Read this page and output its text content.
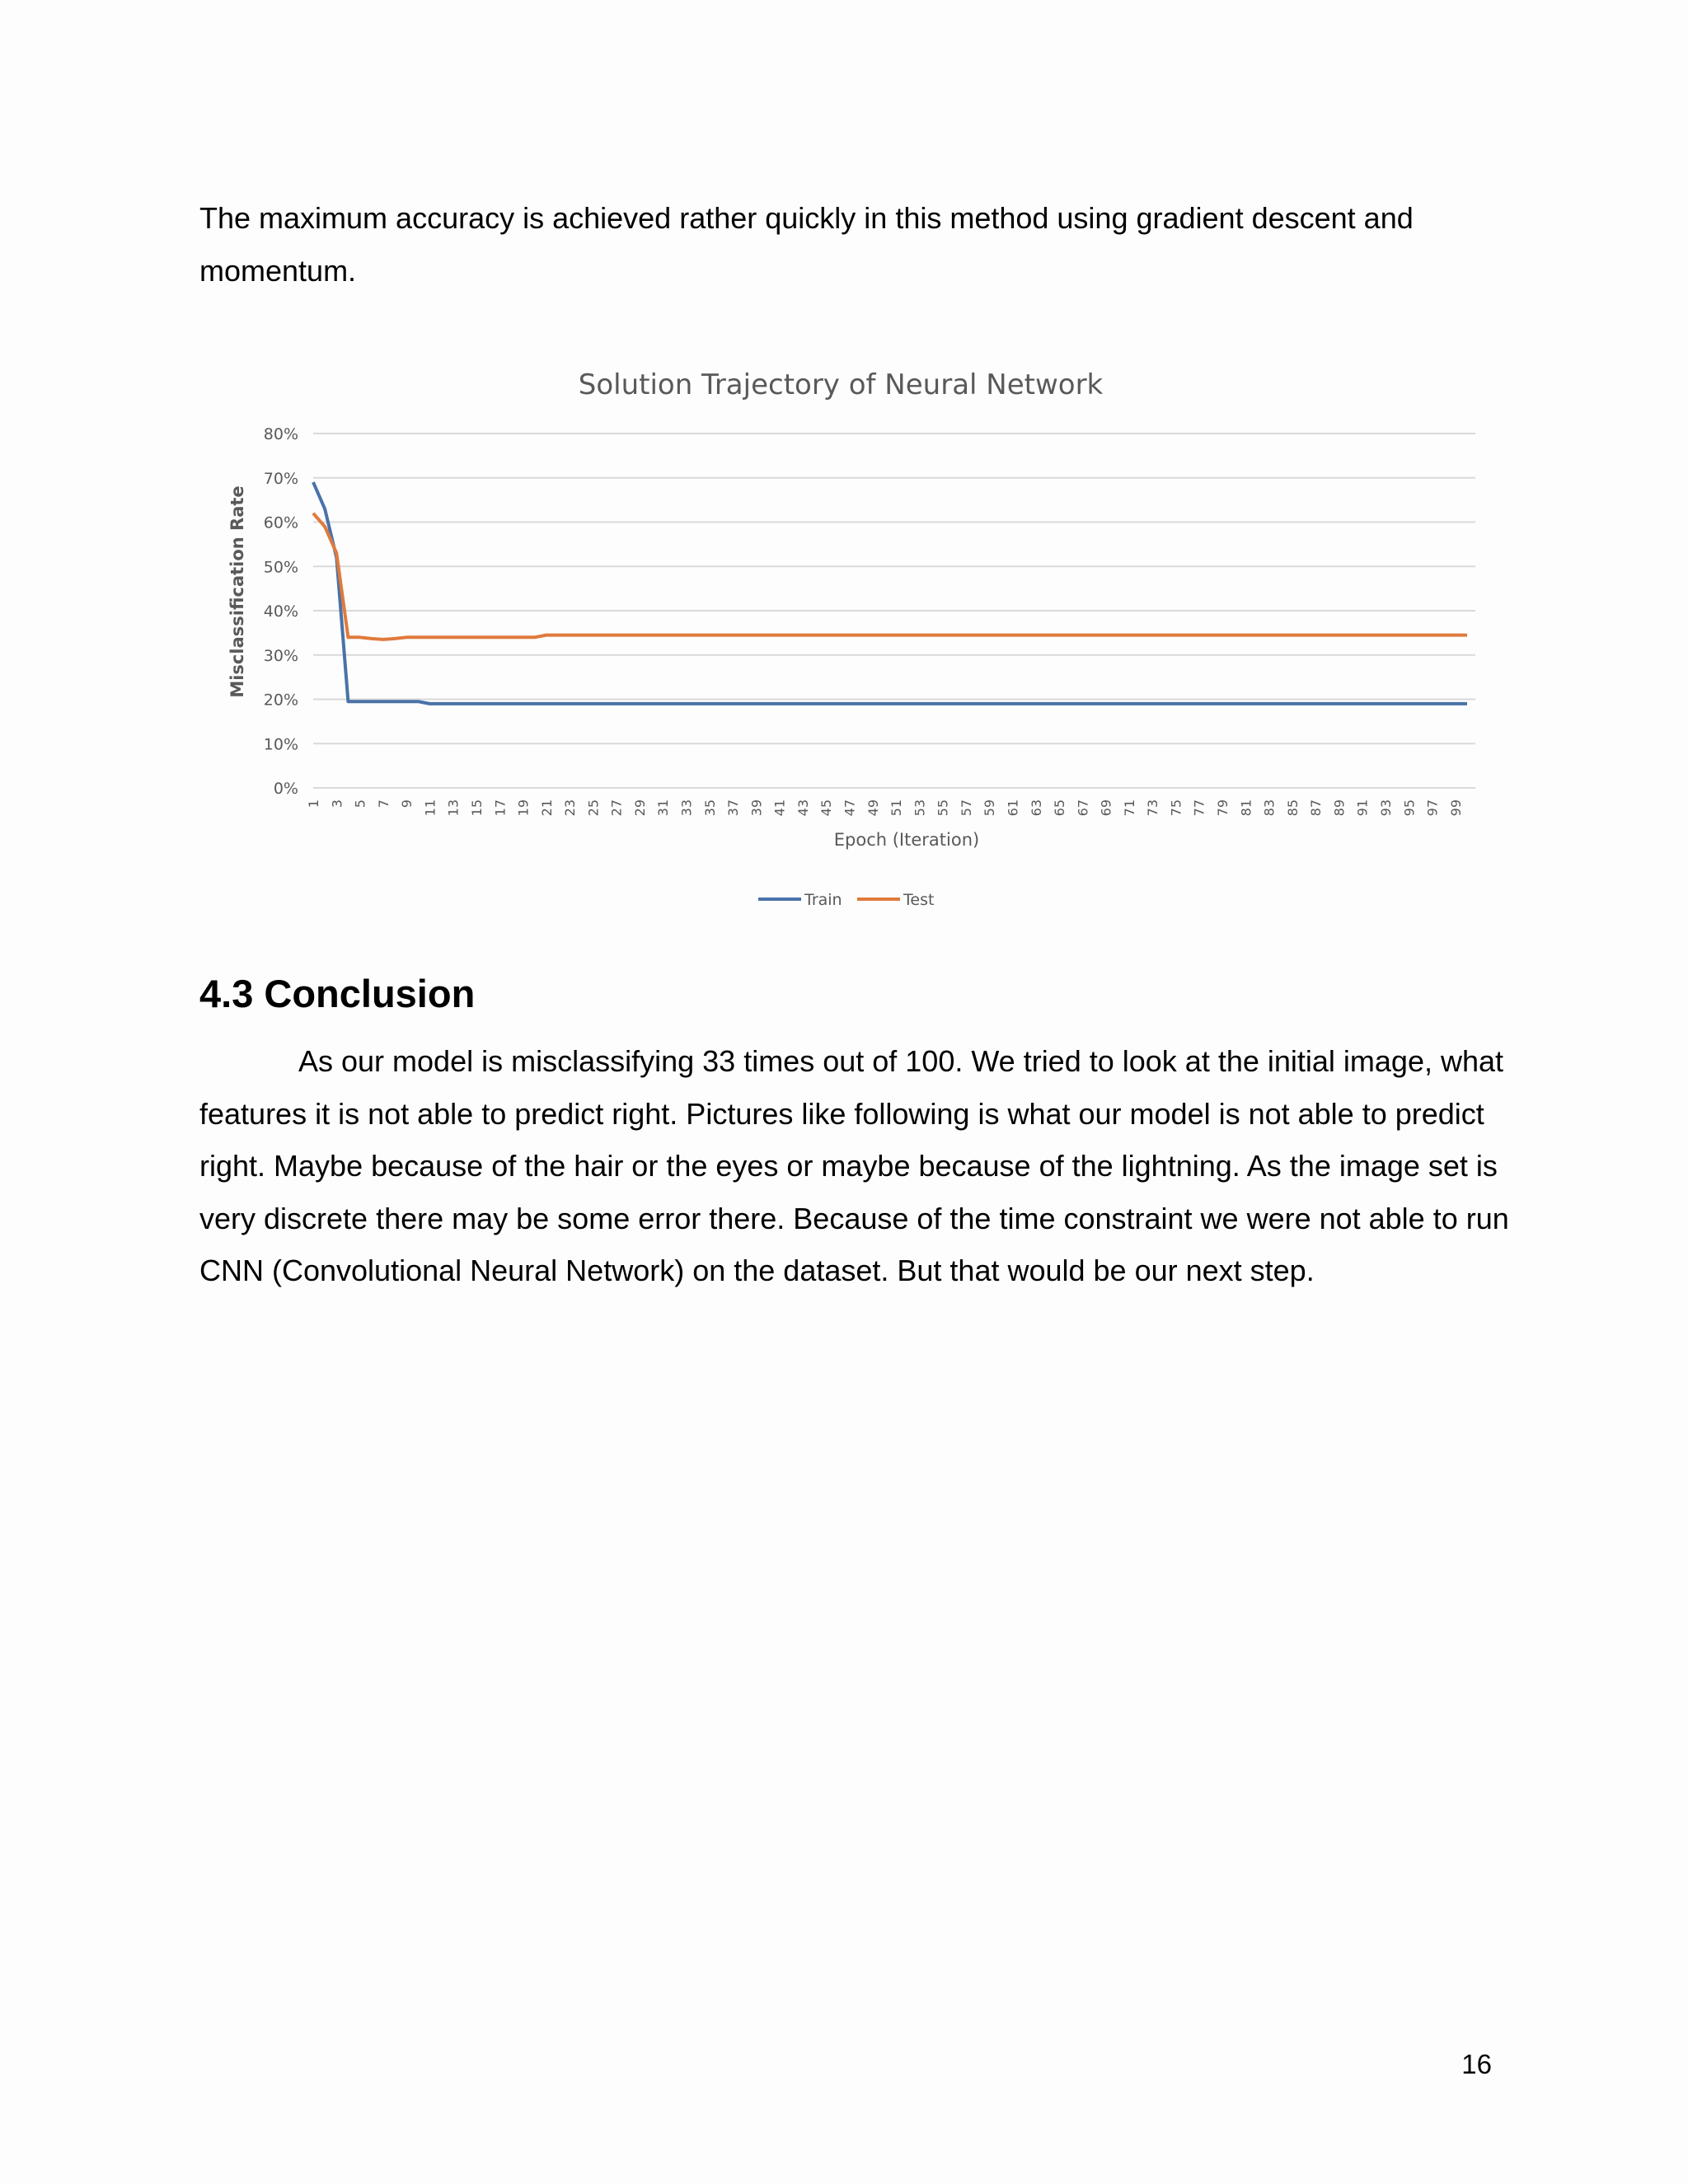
The maximum accuracy is achieved rather quickly in this method using gradient descent and momentum.

0%
10%
20%
30%
40%
50%
60%
70%
80%
1 3 5 7 9 11 13 15 17 19 21 23 25 27 29 31 33 35 37 39 41 43 45 47 49 51 53 55 57 59 61 63 65 67 69 71 73 75 77 79 81 83 85 87 89 91 93 95 97 99
Solution Trajectory of Neural Network
Misclassification Rate
Epoch (Iteration)
Train	Test
4.3 Conclusion

As our model is misclassifying 33 times out of 100. We tried to look at the initial image, what features it is not able to predict right. Pictures like following is what our model is not able to predict right. Maybe because of the hair or the eyes or maybe because of the lightning. As the image set is very discrete there may be some error there. Because of the time constraint we were not able to run CNN (Convolutional Neural Network) on the dataset. But that would be our next step.

16
